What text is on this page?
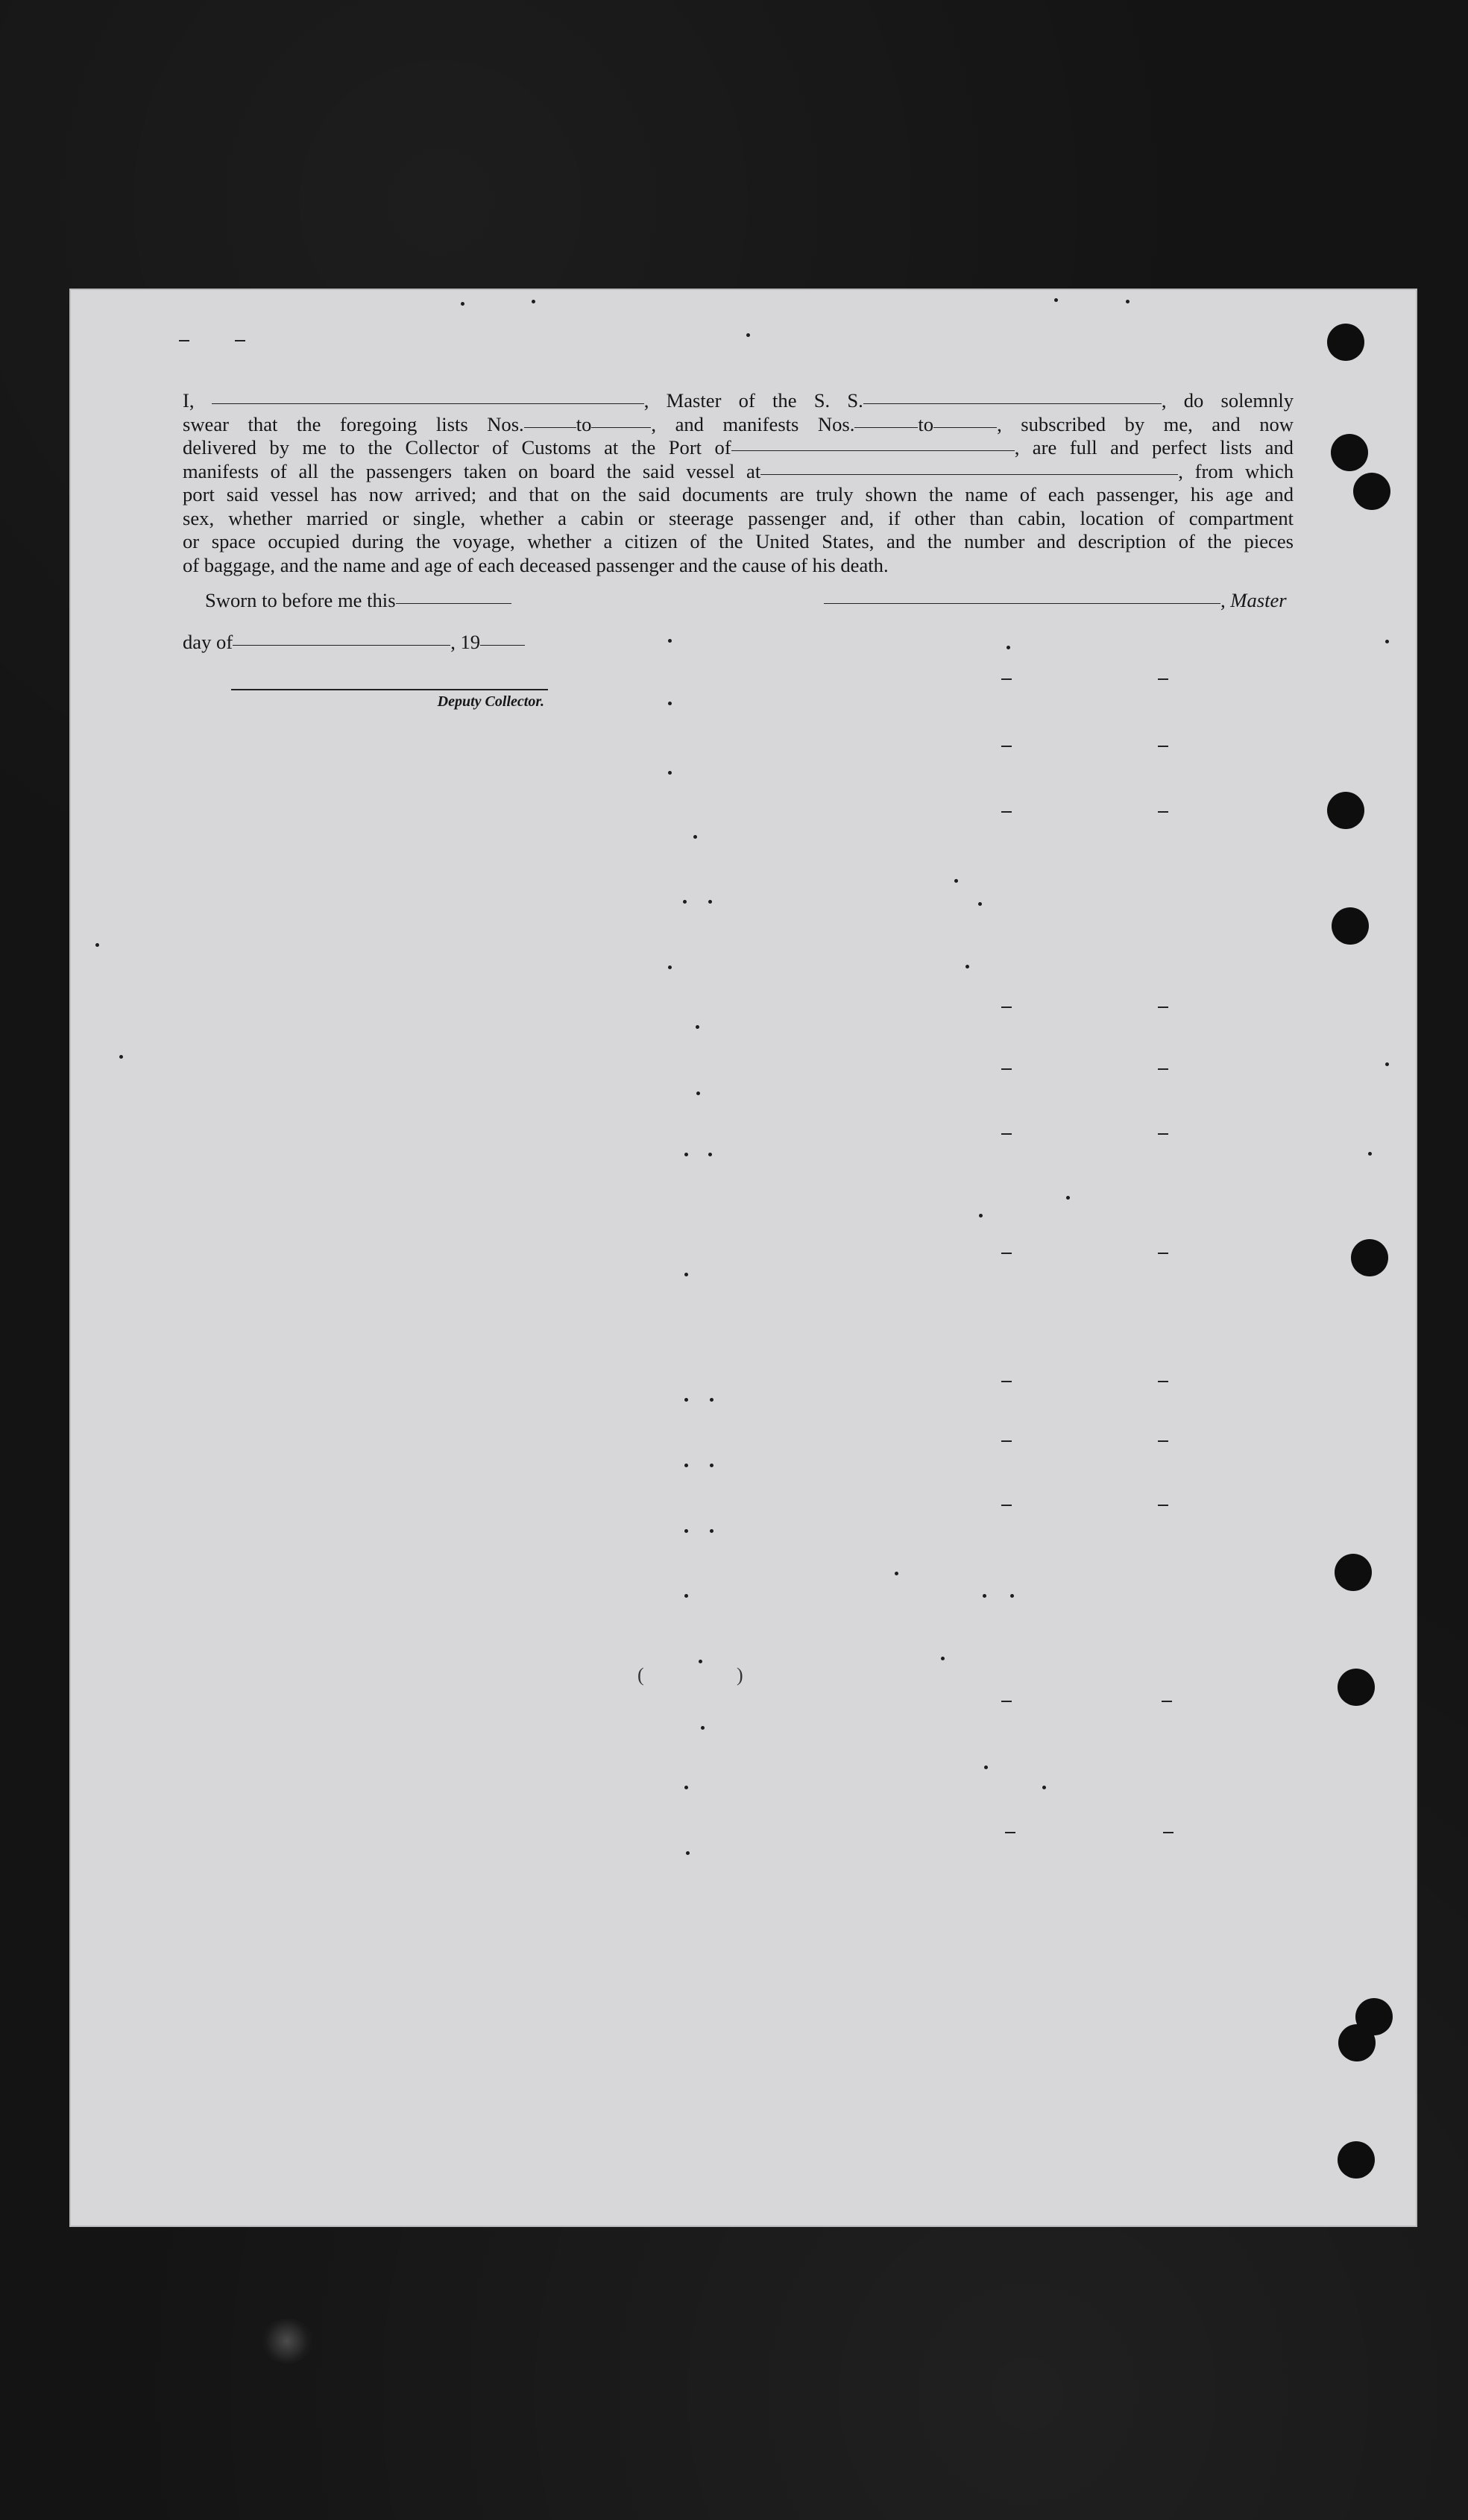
(	)
I,	, Master of the S. S.	, do solemnly
swear that the foregoing lists Nos.	to	, and manifests Nos.	to	, subscribed by me, and now
delivered by me to the Collector of Customs at the Port of	, are full and perfect lists and
manifests of all the passengers taken on board the said vessel at	, from which
port said vessel has now arrived; and that on the said documents are truly shown the name of each passenger, his age and
sex, whether married or single, whether a cabin or steerage passenger and, if other than cabin, location of compartment
or space occupied during the voyage, whether a citizen of the United States, and the number and description of the pieces
of baggage, and the name and age of each deceased passenger and the cause of his death.
Sworn to before me this	, Master
day of	, 19
Deputy Collector.
